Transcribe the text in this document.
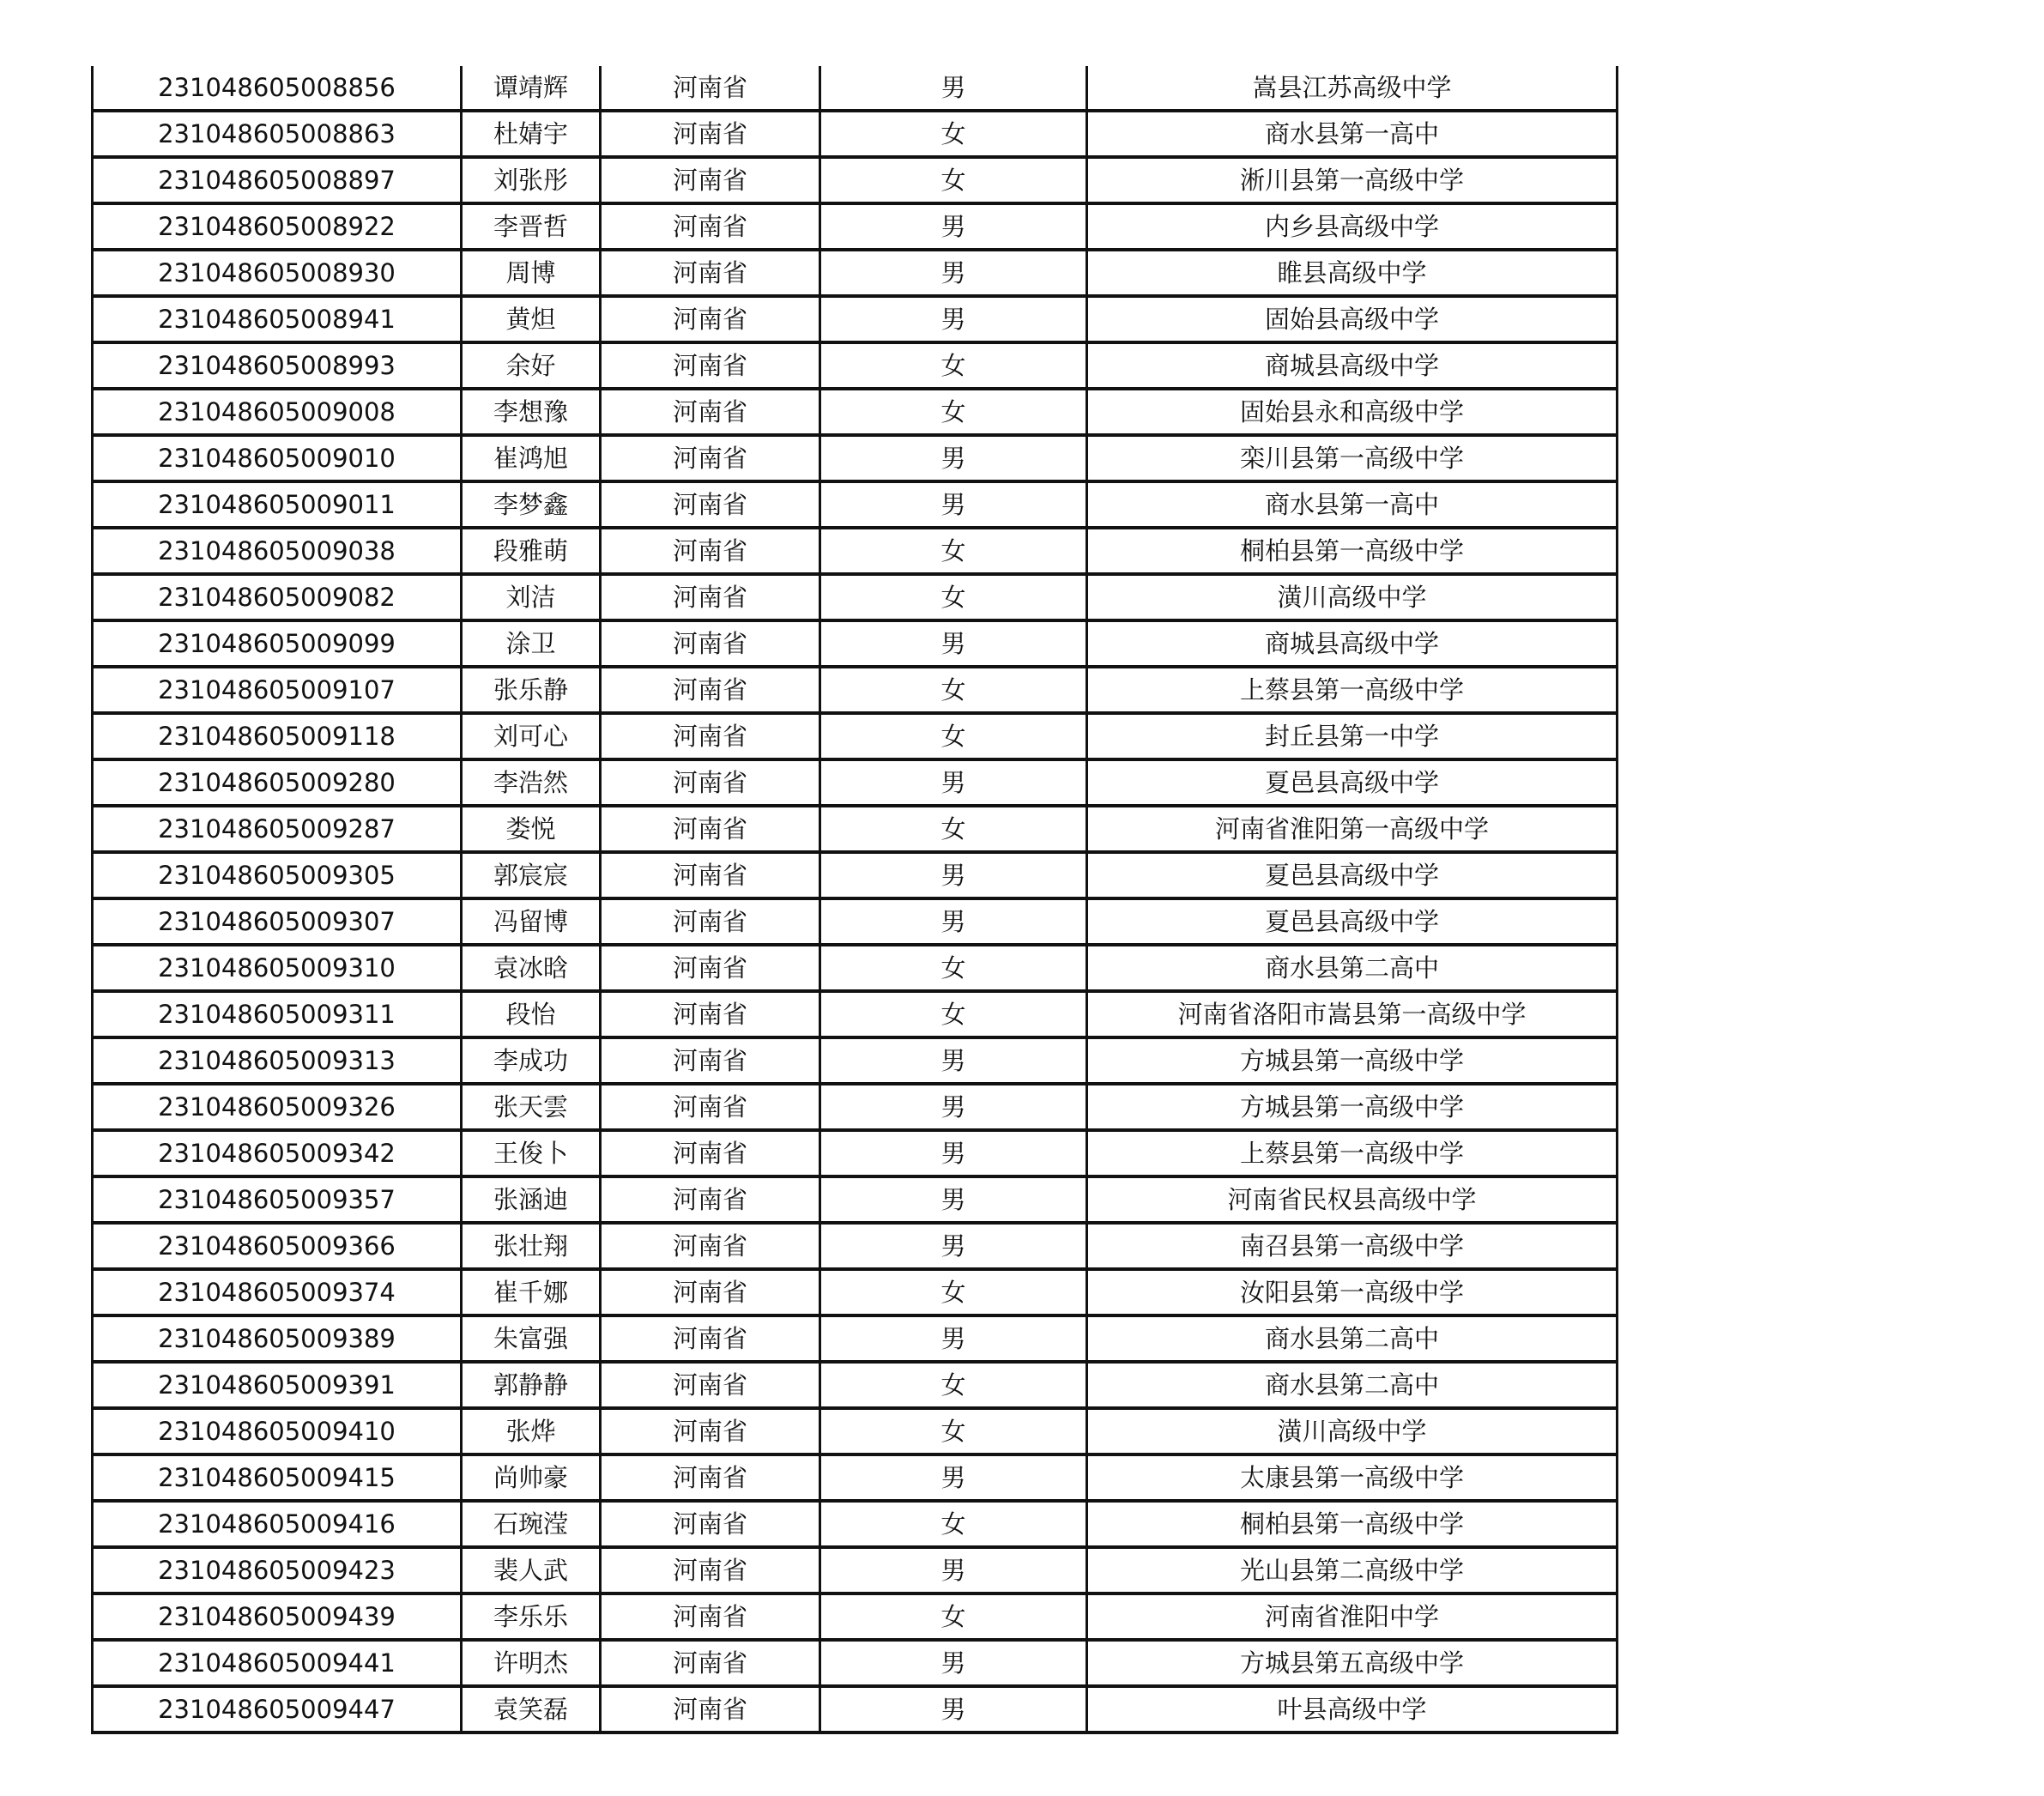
231048605008856	谭靖辉	河南省	男	嵩县江苏高级中学
231048605008863	杜婧宇	河南省	女	商水县第一高中
231048605008897	刘张彤	河南省	女	淅川县第一高级中学
231048605008922	李晋哲	河南省	男	内乡县高级中学
231048605008930	周博	河南省	男	睢县高级中学
231048605008941	黄炟	河南省	男	固始县高级中学
231048605008993	余好	河南省	女	商城县高级中学
231048605009008	李想豫	河南省	女	固始县永和高级中学
231048605009010	崔鸿旭	河南省	男	栾川县第一高级中学
231048605009011	李梦鑫	河南省	男	商水县第一高中
231048605009038	段雅萌	河南省	女	桐柏县第一高级中学
231048605009082	刘洁	河南省	女	潢川高级中学
231048605009099	涂卫	河南省	男	商城县高级中学
231048605009107	张乐静	河南省	女	上蔡县第一高级中学
231048605009118	刘可心	河南省	女	封丘县第一中学
231048605009280	李浩然	河南省	男	夏邑县高级中学
231048605009287	娄悦	河南省	女	河南省淮阳第一高级中学
231048605009305	郭宸宸	河南省	男	夏邑县高级中学
231048605009307	冯留博	河南省	男	夏邑县高级中学
231048605009310	袁冰晗	河南省	女	商水县第二高中
231048605009311	段怡	河南省	女	河南省洛阳市嵩县第一高级中学
231048605009313	李成功	河南省	男	方城县第一高级中学
231048605009326	张天雲	河南省	男	方城县第一高级中学
231048605009342	王俊卜	河南省	男	上蔡县第一高级中学
231048605009357	张涵迪	河南省	男	河南省民权县高级中学
231048605009366	张壮翔	河南省	男	南召县第一高级中学
231048605009374	崔千娜	河南省	女	汝阳县第一高级中学
231048605009389	朱富强	河南省	男	商水县第二高中
231048605009391	郭静静	河南省	女	商水县第二高中
231048605009410	张烨	河南省	女	潢川高级中学
231048605009415	尚帅豪	河南省	男	太康县第一高级中学
231048605009416	石琬滢	河南省	女	桐柏县第一高级中学
231048605009423	裴人武	河南省	男	光山县第二高级中学
231048605009439	李乐乐	河南省	女	河南省淮阳中学
231048605009441	许明杰	河南省	男	方城县第五高级中学
231048605009447	袁笑磊	河南省	男	叶县高级中学
